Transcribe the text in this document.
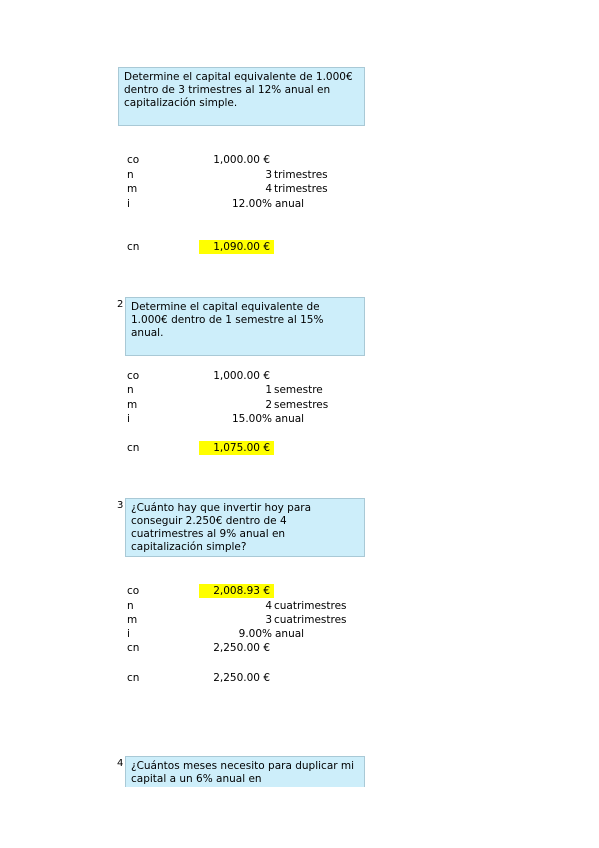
Determine el capital equivalente de 1.000€ dentro de 3 trimestres al 12% anual en capitalización simple.
co	1,000.00 €
n	3 trimestres
m	4 trimestres
i	12.00% anual
cn	1,090.00 €
2 Determine el capital equivalente de 1.000€ dentro de 1 semestre al 15% anual.
co	1,000.00 €
n	1 semestre
m	2 semestres
i	15.00% anual
cn	1,075.00 €
3 ¿Cuánto hay que invertir hoy para conseguir 2.250€ dentro de 4 cuatrimestres al 9% anual en capitalización simple?
co	2,008.93 €
n	4 cuatrimestres
m	3 cuatrimestres
i	9.00% anual
cn	2,250.00 €
cn	2,250.00 €
4 ¿Cuántos meses necesito para duplicar mi capital a un 6% anual en
